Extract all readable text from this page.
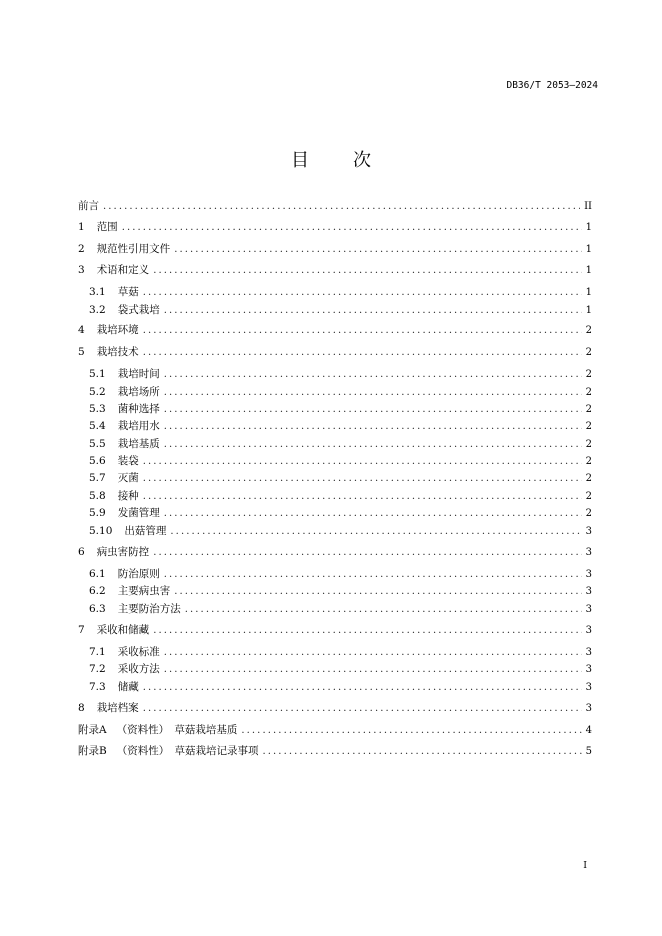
DB36/T 2053—2024
目 次
前言 .....	II
1 范围 .....	1
2 规范性引用文件 .....	1
3 术语和定义 .....	1
3.1 草菇 .....	1
3.2 袋式栽培 .....	1
4 栽培环境 .....	2
5 栽培技术 .....	2
5.1 栽培时间 .....	2
5.2 栽培场所 .....	2
5.3 菌种选择 .....	2
5.4 栽培用水 .....	2
5.5 栽培基质 .....	2
5.6 装袋 .....	2
5.7 灭菌 .....	2
5.8 接种 .....	2
5.9 发菌管理 .....	2
5.10 出菇管理 .....	3
6 病虫害防控 .....	3
6.1 防治原则 .....	3
6.2 主要病虫害 .....	3
6.3 主要防治方法 .....	3
7 采收和储藏 .....	3
7.1 采收标准 .....	3
7.2 采收方法 .....	3
7.3 储藏 .....	3
8 栽培档案 .....	3
附录A （资料性）　草菇栽培基质 .....	4
附录B （资料性）　草菇栽培记录事项 .....	5
I
